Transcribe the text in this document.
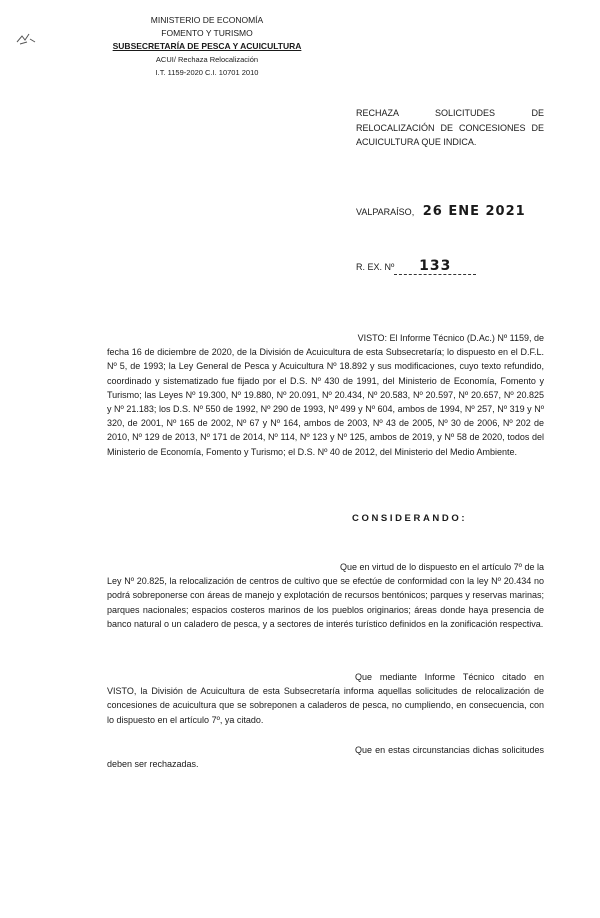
MINISTERIO DE ECONOMÍA
FOMENTO Y TURISMO
SUBSECRETARÍA DE PESCA Y ACUICULTURA
ACUI/ Rechaza Relocalización
I.T. 1159-2020 C.I. 10701 2010
RECHAZA SOLICITUDES DE
RELOCALIZACIÓN DE CONCESIONES DE
ACUICULTURA QUE INDICA.
VALPARAÍSO, 26 ENE 2021
R. EX. Nº 133
VISTO: El Informe Técnico (D.Ac.) Nº 1159, de
fecha 16 de diciembre de 2020, de la División de Acuicultura de esta Subsecretaría; lo dispuesto en el D.F.L. Nº 5, de 1993; la Ley General de Pesca y Acuicultura Nº 18.892 y sus modificaciones, cuyo texto refundido, coordinado y sistematizado fue fijado por el D.S. Nº 430 de 1991, del Ministerio de Economía, Fomento y Turismo; las Leyes Nº 19.300, Nº 19.880, Nº 20.091, Nº 20.434, Nº 20.583, Nº 20.597, Nº 20.657, Nº 20.825 y Nº 21.183; los D.S. Nº 550 de 1992, Nº 290 de 1993, Nº 499 y Nº 604, ambos de 1994, Nº 257, Nº 319 y Nº 320, de 2001, Nº 165 de 2002, Nº 67 y Nº 164, ambos de 2003, Nº 43 de 2005, Nº 30 de 2006, Nº 202 de 2010, Nº 129 de 2013, Nº 171 de 2014, Nº 114, Nº 123 y Nº 125, ambos de 2019, y Nº 58 de 2020, todos del Ministerio de Economía, Fomento y Turismo; el D.S. Nº 40 de 2012, del Ministerio del Medio Ambiente.
CONSIDERANDO:
Que en virtud de lo dispuesto en el artículo 7º de la Ley Nº 20.825, la relocalización de centros de cultivo que se efectúe de conformidad con la ley Nº 20.434 no podrá sobreponerse con áreas de manejo y explotación de recursos bentónicos; parques y reservas marinas; parques nacionales; espacios costeros marinos de los pueblos originarios; áreas donde haya presencia de banco natural o un caladero de pesca, y a sectores de interés turístico definidos en la zonificación respectiva.
Que mediante Informe Técnico citado en VISTO, la División de Acuicultura de esta Subsecretaría informa aquellas solicitudes de relocalización de concesiones de acuicultura que se sobreponen a caladeros de pesca, no cumpliendo, en consecuencia, con lo dispuesto en el artículo 7º, ya citado.
Que en estas circunstancias dichas solicitudes deben ser rechazadas.
